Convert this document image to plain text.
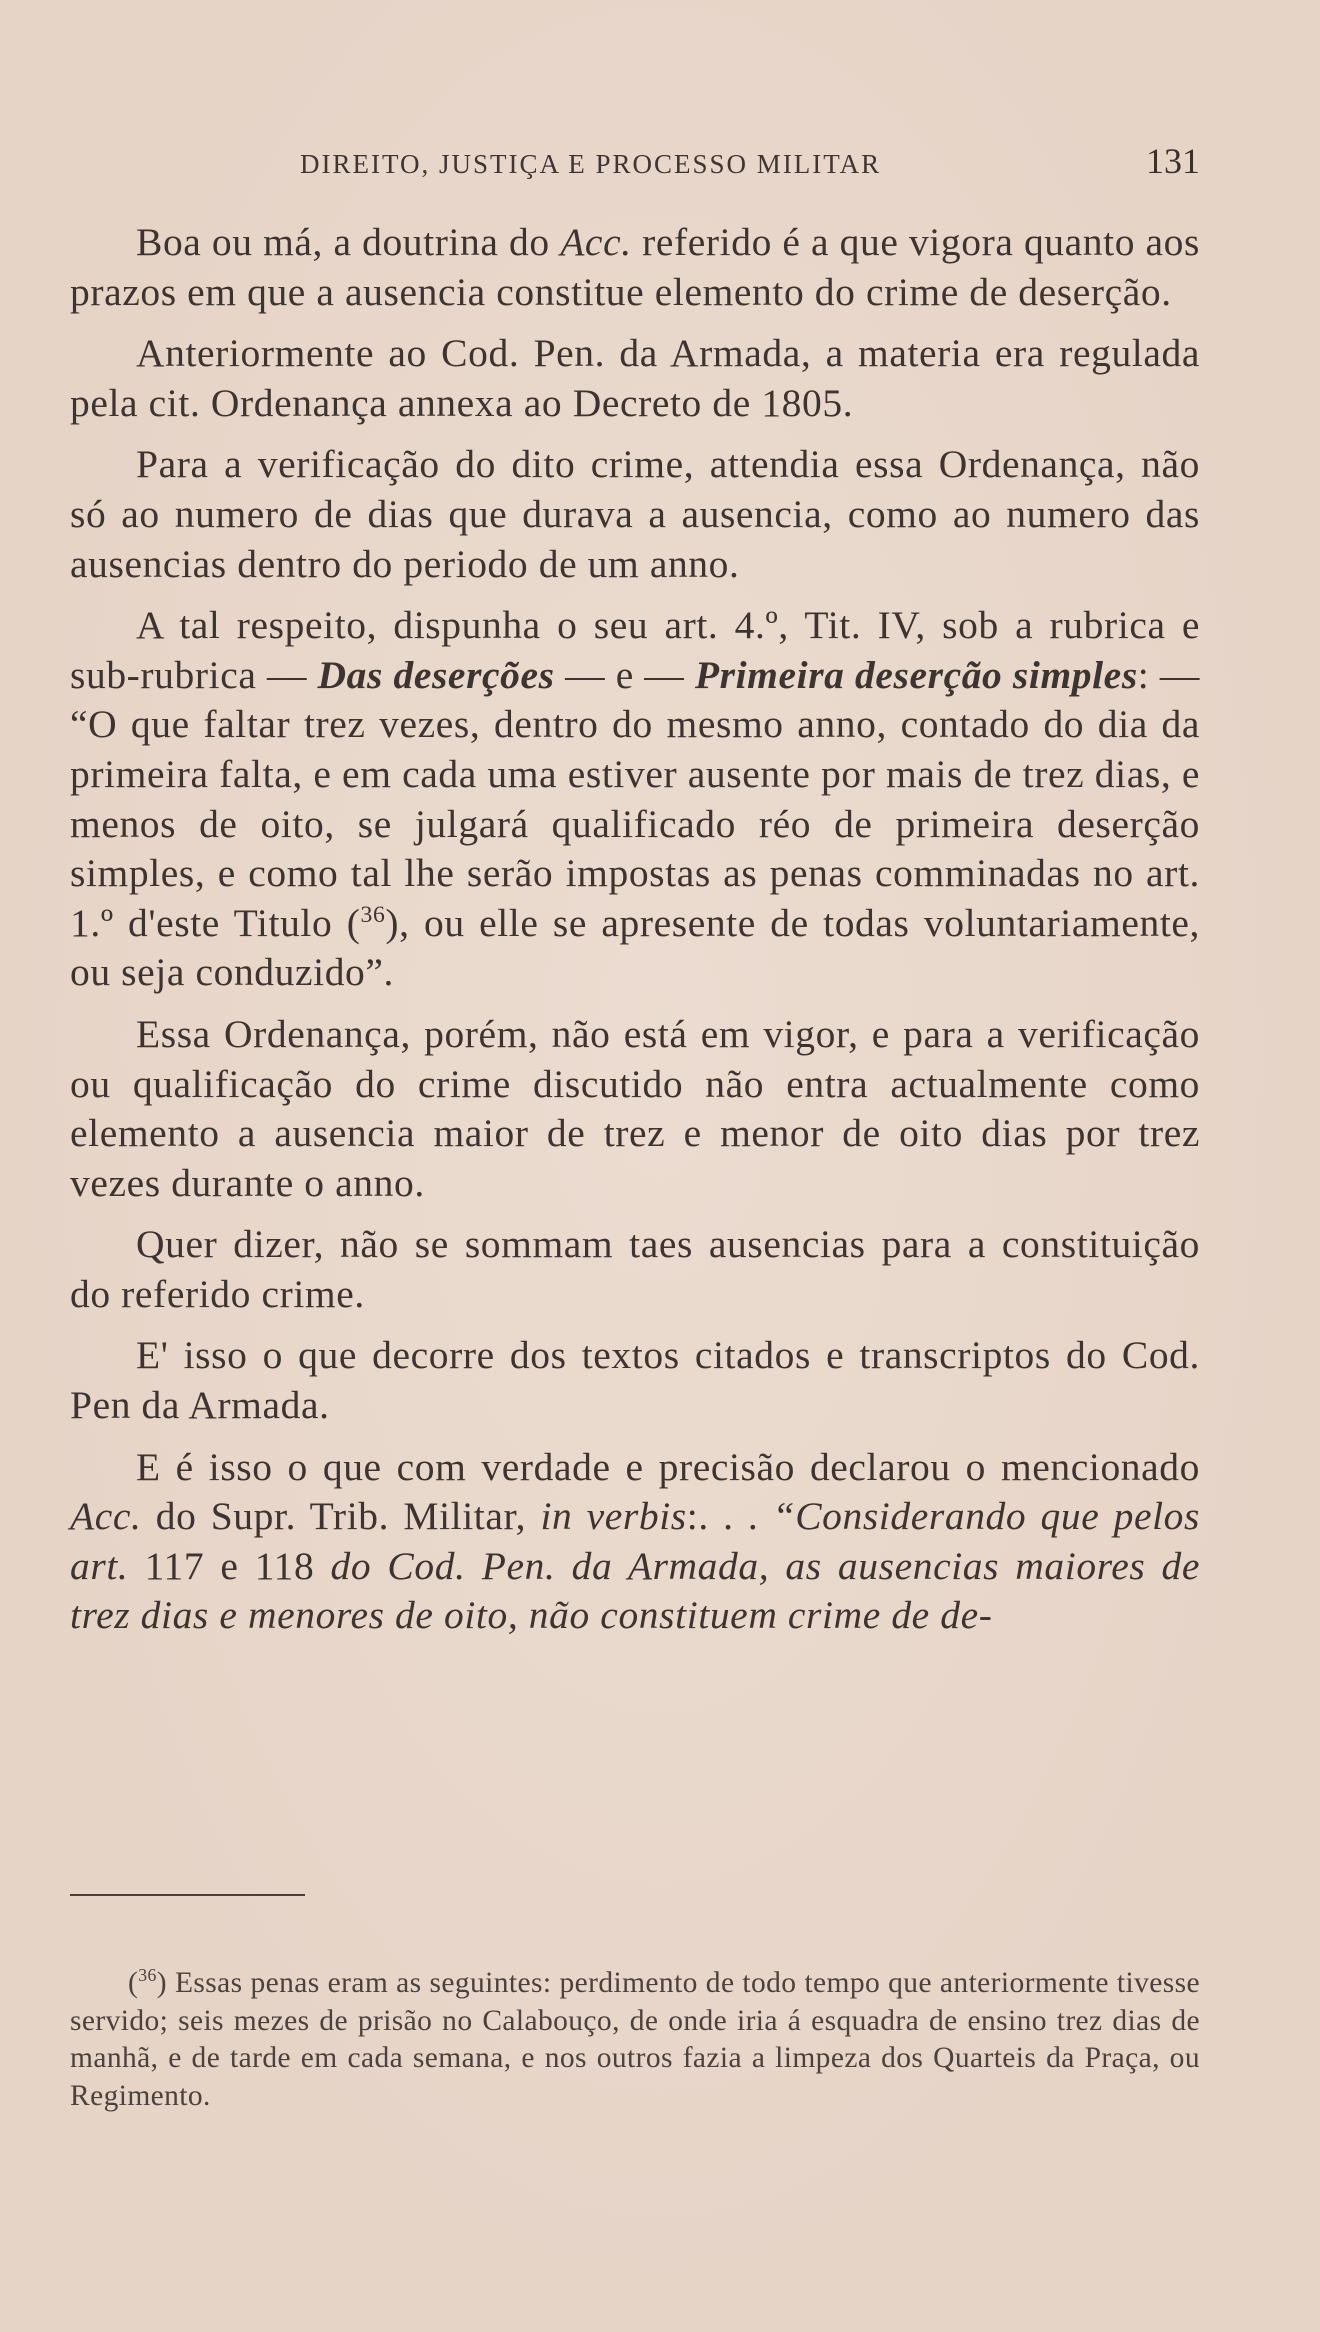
DIREITO, JUSTIÇA E PROCESSO MILITAR	131

Boa ou má, a doutrina do Acc. referido é a que vigora quanto aos prazos em que a ausencia constitue elemento do crime de deserção.

Anteriormente ao Cod. Pen. da Armada, a materia era regulada pela cit. Ordenança annexa ao Decreto de 1805.

Para a verificação do dito crime, attendia essa Ordenança, não só ao numero de dias que durava a ausencia, como ao numero das ausencias dentro do periodo de um anno.

A tal respeito, dispunha o seu art. 4.º, Tit. IV, sob a rubrica e sub-rubrica — Das deserções — e — Primeira deserção simples: — “O que faltar trez vezes, dentro do mesmo anno, contado do dia da primeira falta, e em cada uma estiver ausente por mais de trez dias, e menos de oito, se julgará qualificado réo de primeira deserção simples, e como tal lhe serão impostas as penas comminadas no art. 1.º d'este Titulo ($^{36}$), ou elle se apresente de todas voluntariamente, ou seja conduzido”.

Essa Ordenança, porém, não está em vigor, e para a verificação ou qualificação do crime discutido não entra actualmente como elemento a ausencia maior de trez e menor de oito dias por trez vezes durante o anno.

Quer dizer, não se sommam taes ausencias para a constituição do referido crime.

E' isso o que decorre dos textos citados e transcriptos do Cod. Pen da Armada.

E é isso o que com verdade e precisão declarou o mencionado Acc. do Supr. Trib. Militar, in verbis:. . . “Considerando que pelos art. 117 e 118 do Cod. Pen. da Armada, as ausencias maiores de trez dias e menores de oito, não constituem crime de de-

($^{36}$) Essas penas eram as seguintes: perdimento de todo tempo que anteriormente tivesse servido; seis mezes de prisão no Calabouço, de onde iria á esquadra de ensino trez dias de manhã, e de tarde em cada semana, e nos outros fazia a limpeza dos Quarteis da Praça, ou Regimento.
